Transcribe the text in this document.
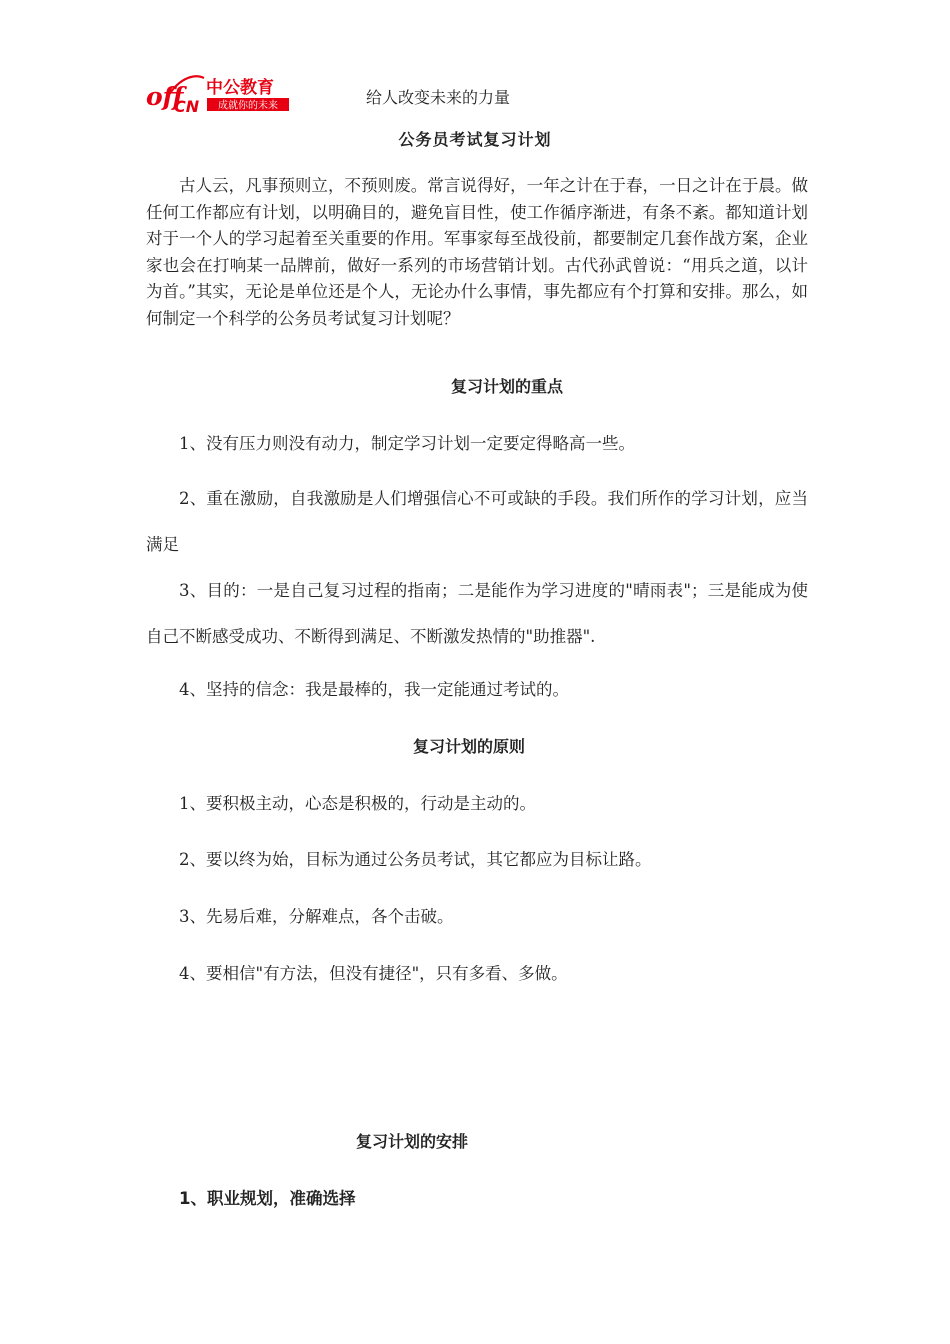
off
CN
中公教育
成就你的未来	给人改变未来的力量
公务员考试复习计划

古人云，凡事预则立，不预则废。常言说得好，一年之计在于春，一日之计在于晨。做任何工作都应有计划，以明确目的，避免盲目性，使工作循序渐进，有条不紊。都知道计划对于一个人的学习起着至关重要的作用。军事家每至战役前，都要制定几套作战方案，企业家也会在打响某一品牌前，做好一系列的市场营销计划。古代孙武曾说：“用兵之道，以计为首。”其实，无论是单位还是个人，无论办什么事情，事先都应有个打算和安排。那么，如何制定一个科学的公务员考试复习计划呢？

复习计划的重点

1、没有压力则没有动力，制定学习计划一定要定得略高一些。

2、重在激励，自我激励是人们增强信心不可或缺的手段。我们所作的学习计划，应当满足

3、目的：一是自己复习过程的指南；二是能作为学习进度的"晴雨表"；三是能成为使自己不断感受成功、不断得到满足、不断激发热情的"助推器".

4、坚持的信念：我是最棒的，我一定能通过考试的。

复习计划的原则

1、要积极主动，心态是积极的，行动是主动的。

2、要以终为始，目标为通过公务员考试，其它都应为目标让路。

3、先易后难，分解难点，各个击破。

4、要相信"有方法，但没有捷径"，只有多看、多做。

复习计划的安排
1、职业规划，准确选择
